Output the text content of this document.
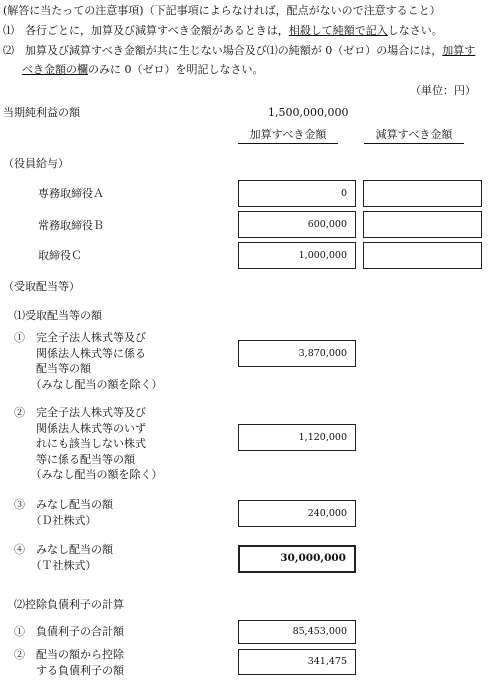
(解答に当たっての注意事項)（下記事項によらなければ，配点がないので注意すること）
⑴　各行ごとに，加算及び減算すべき金額があるときは，相殺して純額で記入しなさい。
⑵　加算及び減算すべき金額が共に生じない場合及び⑴の純額が 0（ゼロ）の場合には，加算す
べき金額の欄のみに 0（ゼロ）を明記しなさい。
（単位：円）
当期純利益の額	1,500,000,000
加算すべき金額	減算すべき金額
（役員給与）
専務取締役Ａ	0
常務取締役Ｂ	600,000
取締役Ｃ	1,000,000
（受取配当等）
⑴受取配当等の額
①　完全子法人株式等及び
　　関係法人株式等に係る
　　配当等の額
　　（みなし配当の額を除く）
3,870,000
②　完全子法人株式等及び
　　関係法人株式等のいず
　　れにも該当しない株式
　　等に係る配当等の額
　　（みなし配当の額を除く）
1,120,000
③　みなし配当の額
　　（Ｄ社株式）
240,000
④　みなし配当の額
　　（Ｔ社株式）
30,000,000
⑵控除負債利子の計算
①　負債利子の合計額	85,453,000
②　配当の額から控除
　　する負債利子の額
341,475
